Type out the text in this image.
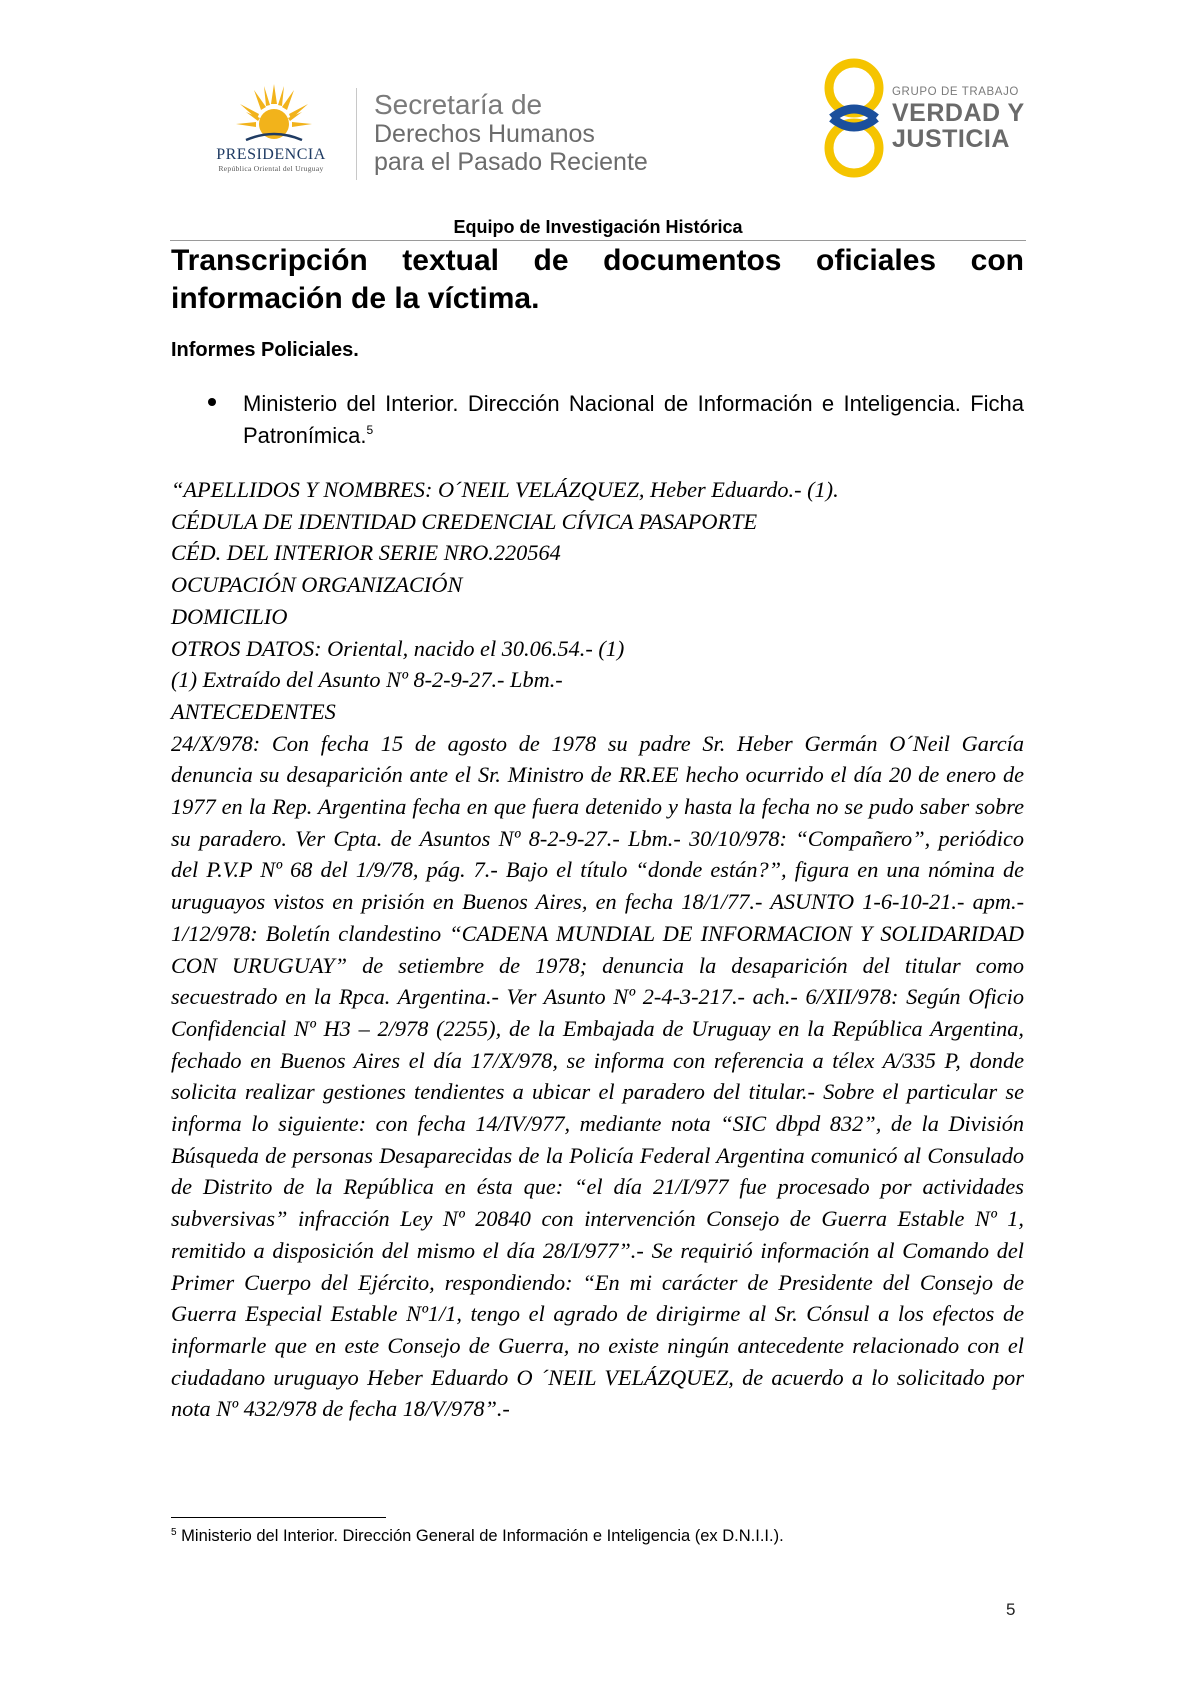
PRESIDENCIA
República Oriental del Uruguay
Secretaría de
Derechos Humanos
para el Pasado Reciente
GRUPO DE TRABAJO
VERDAD Y
JUSTICIA
Equipo de Investigación Histórica
Transcripción textual de documentos oficiales con información de la víctima.
Informes Policiales.
Ministerio del Interior. Dirección Nacional de Información e Inteligencia. Ficha Patronímica.$^5$
“APELLIDOS Y NOMBRES: O´NEIL VELÁZQUEZ, Heber Eduardo.- (1).
CÉDULA DE IDENTIDAD CREDENCIAL CÍVICA PASAPORTE
CÉD. DEL INTERIOR SERIE NRO.220564
OCUPACIÓN ORGANIZACIÓN
DOMICILIO
OTROS DATOS: Oriental, nacido el 30.06.54.- (1)
(1) Extraído del Asunto Nº 8-2-9-27.- Lbm.-
ANTECEDENTES
24/X/978: Con fecha 15 de agosto de 1978 su padre Sr. Heber Germán O´Neil García denuncia su desaparición ante el Sr. Ministro de RR.EE hecho ocurrido el día 20 de enero de 1977 en la Rep. Argentina fecha en que fuera detenido y hasta la fecha no se pudo saber sobre su paradero. Ver Cpta. de Asuntos Nº 8-2-9-27.- Lbm.- 30/10/978: “Compañero”, periódico del P.V.P Nº 68 del 1/9/78, pág. 7.- Bajo el título “donde están?”, figura en una nómina de uruguayos vistos en prisión en Buenos Aires, en fecha 18/1/77.- ASUNTO 1-6-10-21.- apm.- 1/12/978: Boletín clandestino “CADENA MUNDIAL DE INFORMACION Y SOLIDARIDAD CON URUGUAY” de setiembre de 1978; denuncia la desaparición del titular como secuestrado en la Rpca. Argentina.- Ver Asunto Nº 2-4-3-217.- ach.- 6/XII/978: Según Oficio Confidencial Nº H3 – 2/978 (2255), de la Embajada de Uruguay en la República Argentina, fechado en Buenos Aires el día 17/X/978, se informa con referencia a télex A/335 P, donde solicita realizar gestiones tendientes a ubicar el paradero del titular.- Sobre el particular se informa lo siguiente: con fecha 14/IV/977, mediante nota “SIC dbpd 832”, de la División Búsqueda de personas Desaparecidas de la Policía Federal Argentina comunicó al Consulado de Distrito de la República en ésta que: “el día 21/I/977 fue procesado por actividades subversivas” infracción Ley Nº 20840 con intervención Consejo de Guerra Estable Nº 1, remitido a disposición del mismo el día 28/I/977”.- Se requirió información al Comando del Primer Cuerpo del Ejército, respondiendo: “En mi carácter de Presidente del Consejo de Guerra Especial Estable Nº1/1, tengo el agrado de dirigirme al Sr. Cónsul a los efectos de informarle que en este Consejo de Guerra, no existe ningún antecedente relacionado con el ciudadano uruguayo Heber Eduardo O ´NEIL VELÁZQUEZ, de acuerdo a lo solicitado por nota Nº 432/978 de fecha 18/V/978”.-
$^5$ Ministerio del Interior. Dirección General de Información e Inteligencia (ex D.N.I.I.).
5
